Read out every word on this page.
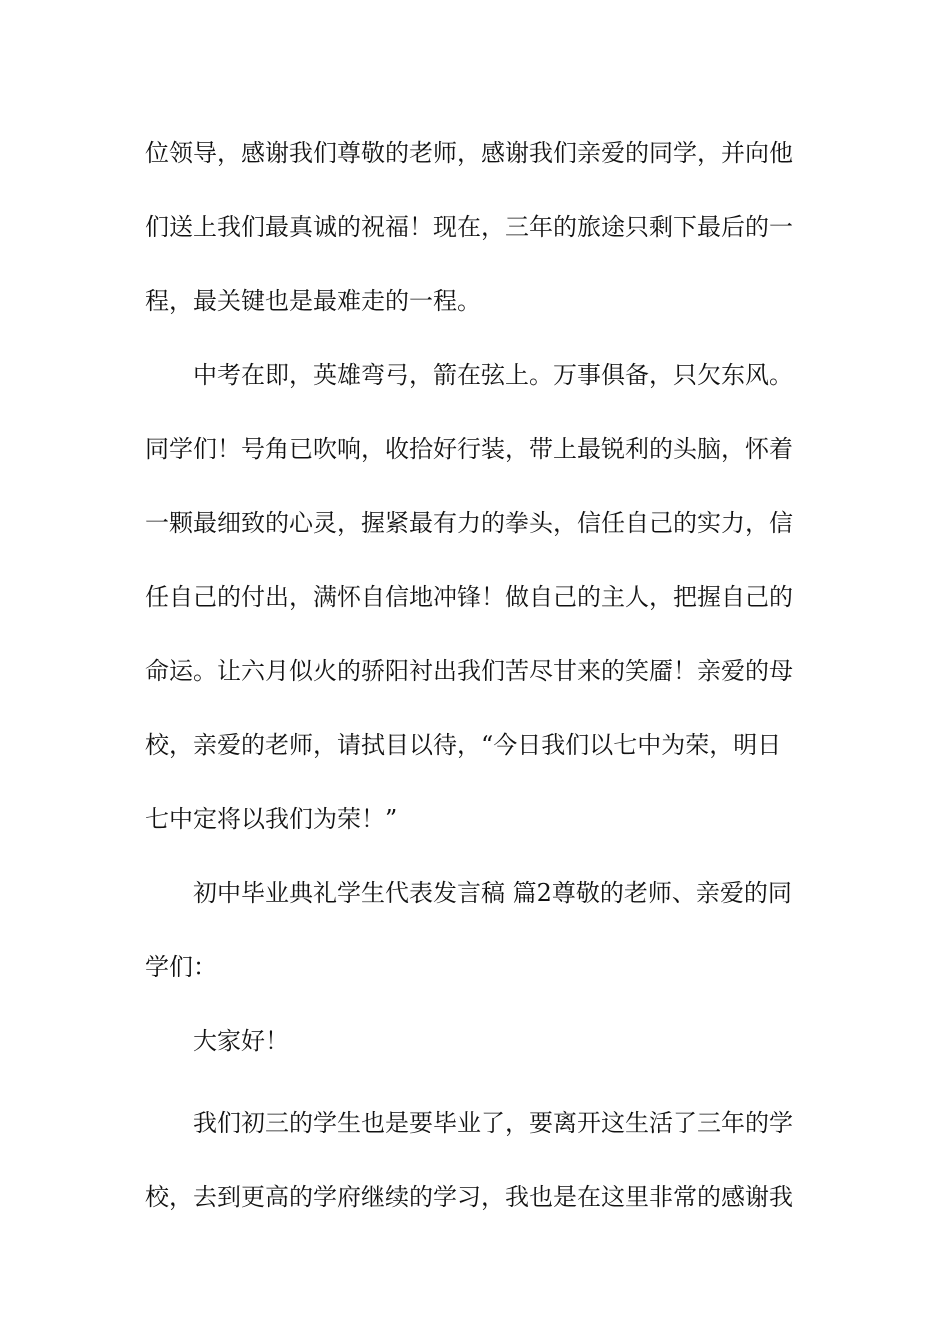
位领导，感谢我们尊敬的老师，感谢我们亲爱的同学，并向他
们送上我们最真诚的祝福！现在，三年的旅途只剩下最后的一
程，最关键也是最难走的一程。
中考在即，英雄弯弓，箭在弦上。万事俱备，只欠东风。
同学们！号角已吹响，收拾好行装，带上最锐利的头脑，怀着
一颗最细致的心灵，握紧最有力的拳头，信任自己的实力，信
任自己的付出，满怀自信地冲锋！做自己的主人，把握自己的
命运。让六月似火的骄阳衬出我们苦尽甘来的笑靥！亲爱的母
校，亲爱的老师，请拭目以待，“今日我们以七中为荣，明日
七中定将以我们为荣！”
初中毕业典礼学生代表发言稿 篇2尊敬的老师、亲爱的同
学们：
大家好！
我们初三的学生也是要毕业了，要离开这生活了三年的学
校，去到更高的学府继续的学习，我也是在这里非常的感谢我
